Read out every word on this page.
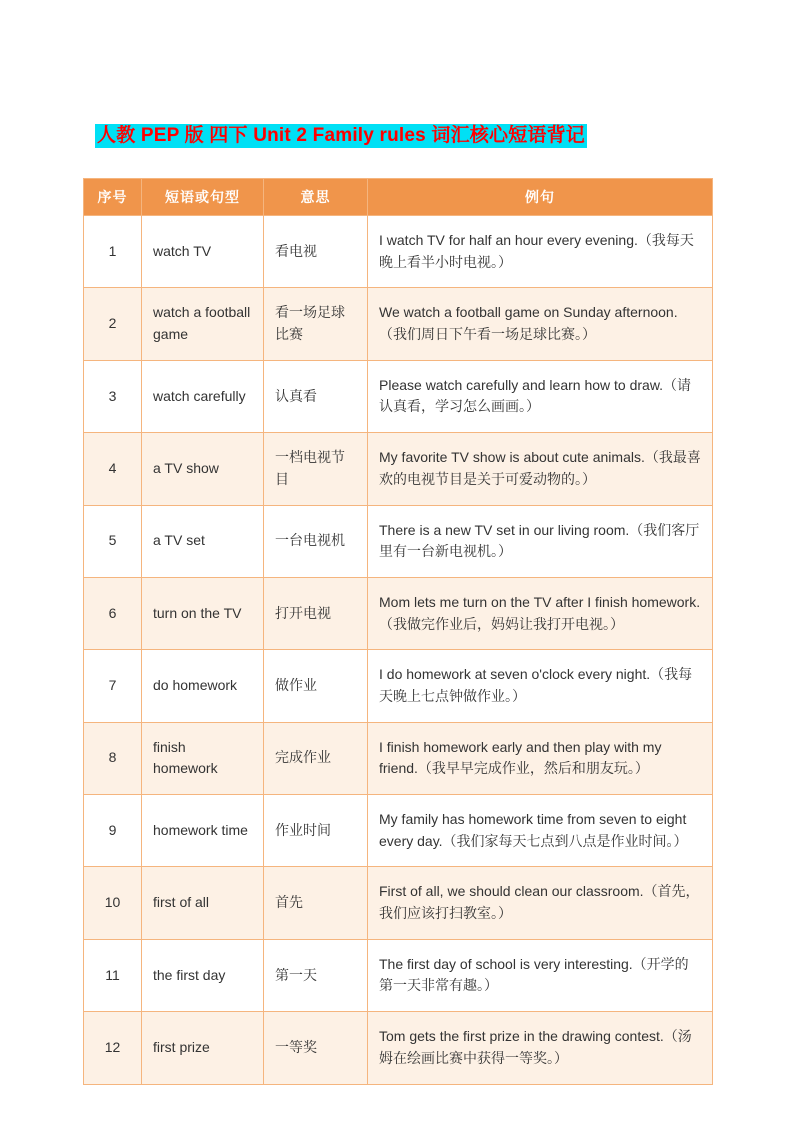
人教 PEP 版 四下 Unit 2 Family rules 词汇核心短语背记
序号	短语或句型	意思	例句
1	watch TV	看电视	I watch TV for half an hour every evening.（我每天晚上看半小时电视。）
2	watch a football game	看一场足球比赛	We watch a football game on Sunday afternoon.（我们周日下午看一场足球比赛。）
3	watch carefully	认真看	Please watch carefully and learn how to draw.（请认真看，学习怎么画画。）
4	a TV show	一档电视节目	My favorite TV show is about cute animals.（我最喜欢的电视节目是关于可爱动物的。）
5	a TV set	一台电视机	There is a new TV set in our living room.（我们客厅里有一台新电视机。）
6	turn on the TV	打开电视	Mom lets me turn on the TV after I finish homework.（我做完作业后，妈妈让我打开电视。）
7	do homework	做作业	I do homework at seven o'clock every night.（我每天晚上七点钟做作业。）
8	finish homework	完成作业	I finish homework early and then play with my friend.（我早早完成作业，然后和朋友玩。）
9	homework time	作业时间	My family has homework time from seven to eight every day.（我们家每天七点到八点是作业时间。）
10	first of all	首先	First of all, we should clean our classroom.（首先，我们应该打扫教室。）
11	the first day	第一天	The first day of school is very interesting.（开学的第一天非常有趣。）
12	first prize	一等奖	Tom gets the first prize in the drawing contest.（汤姆在绘画比赛中获得一等奖。）
